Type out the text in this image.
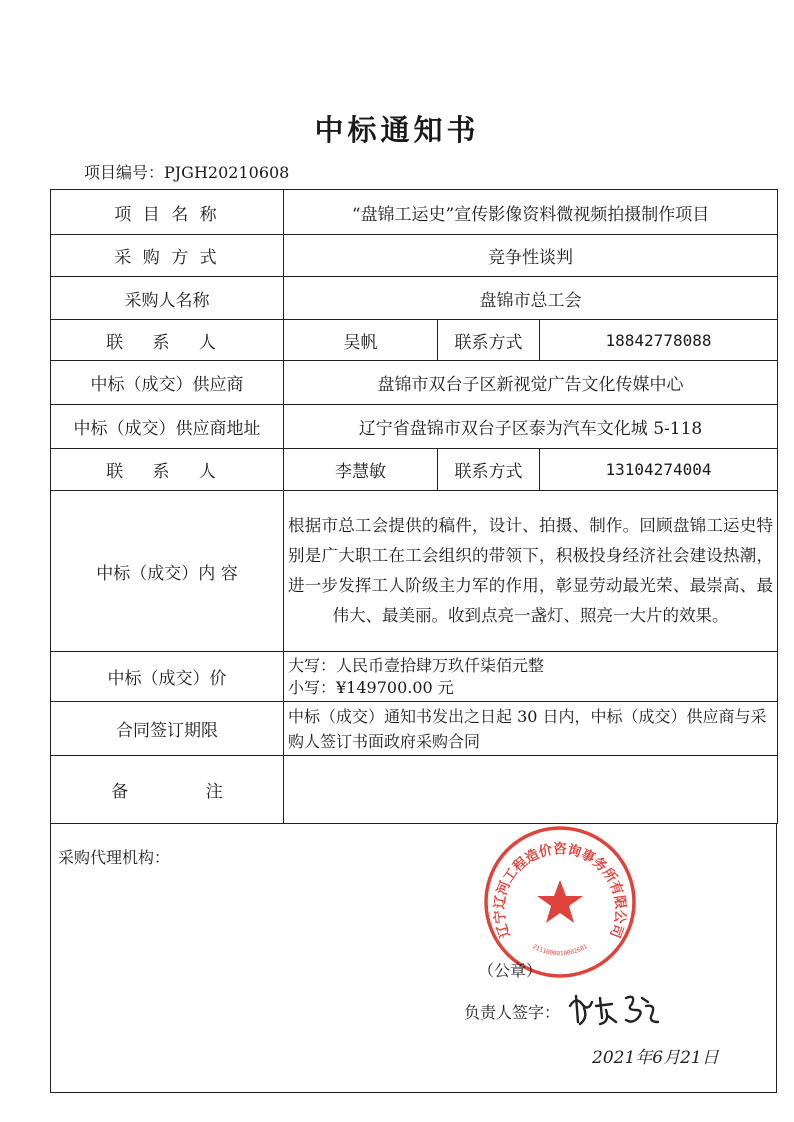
中标通知书
项目编号：PJGH20210608
项 目 名 称	“盘锦工运史”宣传影像资料微视频拍摄制作项目		
采 购 方 式	竞争性谈判		
采购人名称	盘锦市总工会		
联 系 人	吴帆	联系方式	18842778088
中标（成交）供应商	盘锦市双台子区新视觉广告文化传媒中心		
中标（成交）供应商地址	辽宁省盘锦市双台子区泰为汽车文化城 5-118		
联 系 人	李慧敏	联系方式	13104274004
中标（成交）内 容	根据市总工会提供的稿件，设计、拍摄、制作。回顾盘锦工运史特别是广大职工在工会组织的带领下，积极投身经济社会建设热潮，进一步发挥工人阶级主力军的作用，彰显劳动最光荣、最崇高、最伟大、最美丽。收到点亮一盏灯、照亮一大片的效果。		
中标（成交）价	大写：人民币壹拾肆万玖仟柒佰元整
小写：¥149700.00 元		

合同签订期限	中标（成交）通知书发出之日起 30 日内，中标（成交）供应商与采购人签订书面政府采购合同		
备 注			
采购代理机构：
辽宁辽河工程造价咨询事务所有限公司
2111000010002681
（公章）
负责人签字：
2021年6月21日
